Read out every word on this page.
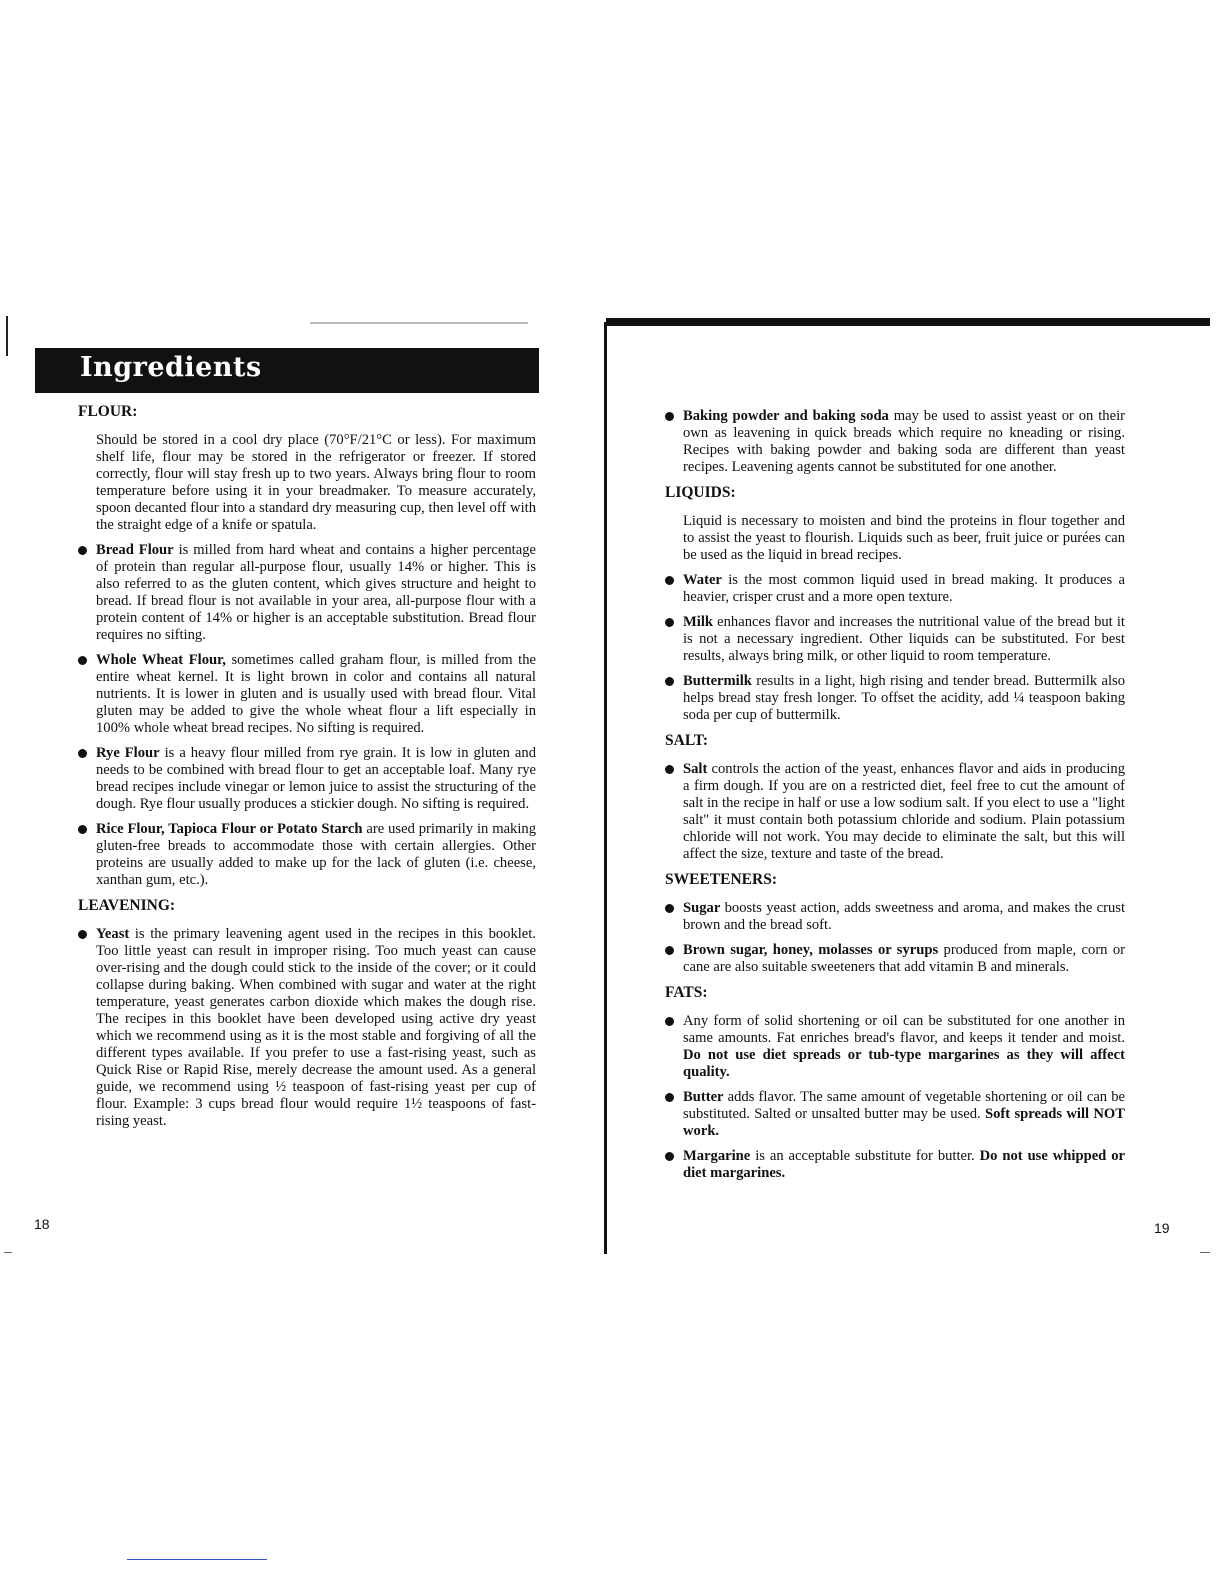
Ingredients
FLOUR:
Should be stored in a cool dry place (70°F/21°C or less). For maximum shelf life, flour may be stored in the refrigerator or freezer. If stored correctly, flour will stay fresh up to two years. Always bring flour to room temperature before using it in your breadmaker. To measure accurately, spoon decanted flour into a standard dry measuring cup, then level off with the straight edge of a knife or spatula.
Bread Flour is milled from hard wheat and contains a higher percentage of protein than regular all-purpose flour, usually 14% or higher. This is also referred to as the gluten content, which gives structure and height to bread. If bread flour is not available in your area, all-purpose flour with a protein content of 14% or higher is an acceptable substitution. Bread flour requires no sifting.
Whole Wheat Flour, sometimes called graham flour, is milled from the entire wheat kernel. It is light brown in color and contains all natural nutrients. It is lower in gluten and is usually used with bread flour. Vital gluten may be added to give the whole wheat flour a lift especially in 100% whole wheat bread recipes. No sifting is required.
Rye Flour is a heavy flour milled from rye grain. It is low in gluten and needs to be combined with bread flour to get an acceptable loaf. Many rye bread recipes include vinegar or lemon juice to assist the structuring of the dough. Rye flour usually produces a stickier dough. No sifting is required.
Rice Flour, Tapioca Flour or Potato Starch are used primarily in making gluten-free breads to accommodate those with certain allergies. Other proteins are usually added to make up for the lack of gluten (i.e. cheese, xanthan gum, etc.).
LEAVENING:
Yeast is the primary leavening agent used in the recipes in this booklet. Too little yeast can result in improper rising. Too much yeast can cause over-rising and the dough could stick to the inside of the cover; or it could collapse during baking. When combined with sugar and water at the right temperature, yeast generates carbon dioxide which makes the dough rise. The recipes in this booklet have been developed using active dry yeast which we recommend using as it is the most stable and forgiving of all the different types available. If you prefer to use a fast-rising yeast, such as Quick Rise or Rapid Rise, merely decrease the amount used. As a general guide, we recommend using ½ teaspoon of fast-rising yeast per cup of flour. Example: 3 cups bread flour would require 1½ teaspoons of fast-rising yeast.
Baking powder and baking soda may be used to assist yeast or on their own as leavening in quick breads which require no kneading or rising. Recipes with baking powder and baking soda are different than yeast recipes. Leavening agents cannot be substituted for one another.
LIQUIDS:
Liquid is necessary to moisten and bind the proteins in flour together and to assist the yeast to flourish. Liquids such as beer, fruit juice or purées can be used as the liquid in bread recipes.
Water is the most common liquid used in bread making. It produces a heavier, crisper crust and a more open texture.
Milk enhances flavor and increases the nutritional value of the bread but it is not a necessary ingredient. Other liquids can be substituted. For best results, always bring milk, or other liquid to room temperature.
Buttermilk results in a light, high rising and tender bread. Buttermilk also helps bread stay fresh longer. To offset the acidity, add ¼ teaspoon baking soda per cup of buttermilk.
SALT:
Salt controls the action of the yeast, enhances flavor and aids in producing a firm dough. If you are on a restricted diet, feel free to cut the amount of salt in the recipe in half or use a low sodium salt. If you elect to use a "light salt" it must contain both potassium chloride and sodium. Plain potassium chloride will not work. You may decide to eliminate the salt, but this will affect the size, texture and taste of the bread.
SWEETENERS:
Sugar boosts yeast action, adds sweetness and aroma, and makes the crust brown and the bread soft.
Brown sugar, honey, molasses or syrups produced from maple, corn or cane are also suitable sweeteners that add vitamin B and minerals.
FATS:
Any form of solid shortening or oil can be substituted for one another in same amounts. Fat enriches bread's flavor, and keeps it tender and moist. Do not use diet spreads or tub-type margarines as they will affect quality.
Butter adds flavor. The same amount of vegetable shortening or oil can be substituted. Salted or unsalted butter may be used. Soft spreads will NOT work.
Margarine is an acceptable substitute for butter. Do not use whipped or diet margarines.
18	19
